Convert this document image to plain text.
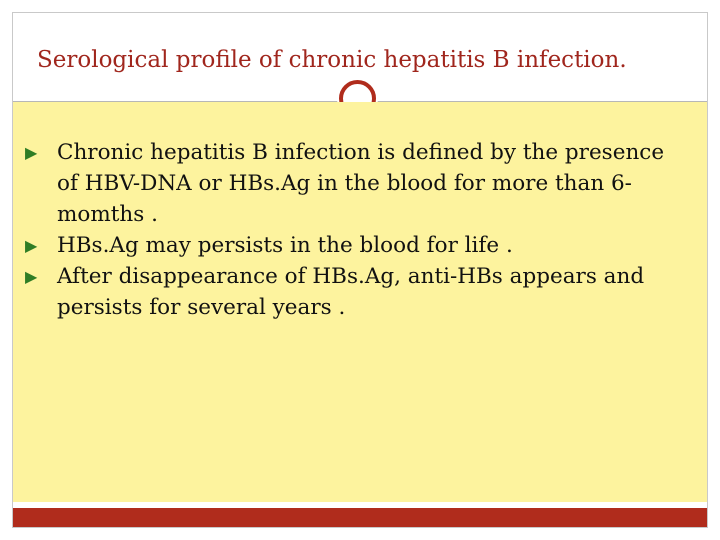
Serological profile of chronic hepatitis B infection.
▶ Chronic hepatitis B infection is defined by the presence of HBV-DNA or HBs.Ag in the blood for more than 6-momths .
▶ HBs.Ag may persists in the blood for life .
▶ After disappearance of HBs.Ag, anti-HBs appears and persists for several years .
